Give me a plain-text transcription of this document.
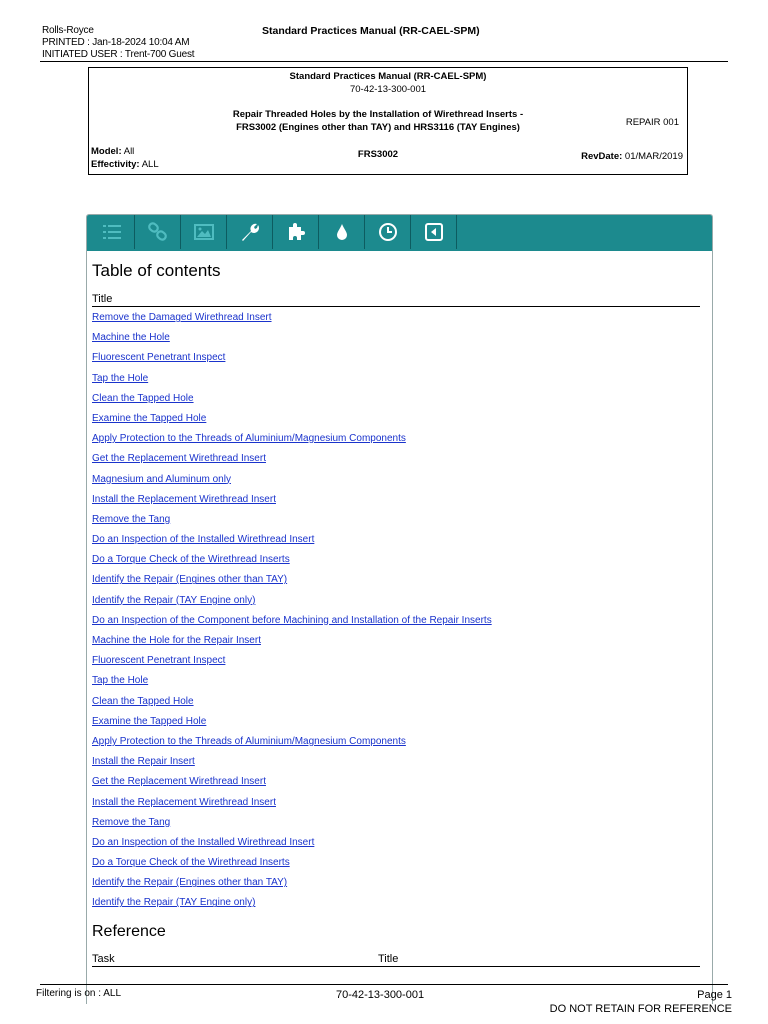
Rolls-Royce
PRINTED : Jan-18-2024 10:04 AM
INITIATED USER : Trent-700 Guest
Standard Practices Manual (RR-CAEL-SPM)
Standard Practices Manual (RR-CAEL-SPM)
70-42-13-300-001
Repair Threaded Holes by the Installation of Wirethread Inserts - FRS3002 (Engines other than TAY) and HRS3116 (TAY Engines)
FRS3002
REPAIR 001
Model: All
Effectivity: ALL
RevDate: 01/MAR/2019
Table of contents
Title
Remove the Damaged Wirethread Insert
Machine the Hole
Fluorescent Penetrant Inspect
Tap the Hole
Clean the Tapped Hole
Examine the Tapped Hole
Apply Protection to the Threads of Aluminium/Magnesium Components
Get the Replacement Wirethread Insert
Magnesium and Aluminum only
Install the Replacement Wirethread Insert
Remove the Tang
Do an Inspection of the Installed Wirethread Insert
Do a Torque Check of the Wirethread Inserts
Identify the Repair (Engines other than TAY)
Identify the Repair (TAY Engine only)
Do an Inspection of the Component before Machining and Installation of the Repair Inserts
Machine the Hole for the Repair Insert
Fluorescent Penetrant Inspect
Tap the Hole
Clean the Tapped Hole
Examine the Tapped Hole
Apply Protection to the Threads of Aluminium/Magnesium Components
Install the Repair Insert
Get the Replacement Wirethread Insert
Install the Replacement Wirethread Insert
Remove the Tang
Do an Inspection of the Installed Wirethread Insert
Do a Torque Check of the Wirethread Inserts
Identify the Repair (Engines other than TAY)
Identify the Repair (TAY Engine only)
Reference
Task	Title
Filtering is on : ALL	70-42-13-300-001	Page 1
DO NOT RETAIN FOR REFERENCE
